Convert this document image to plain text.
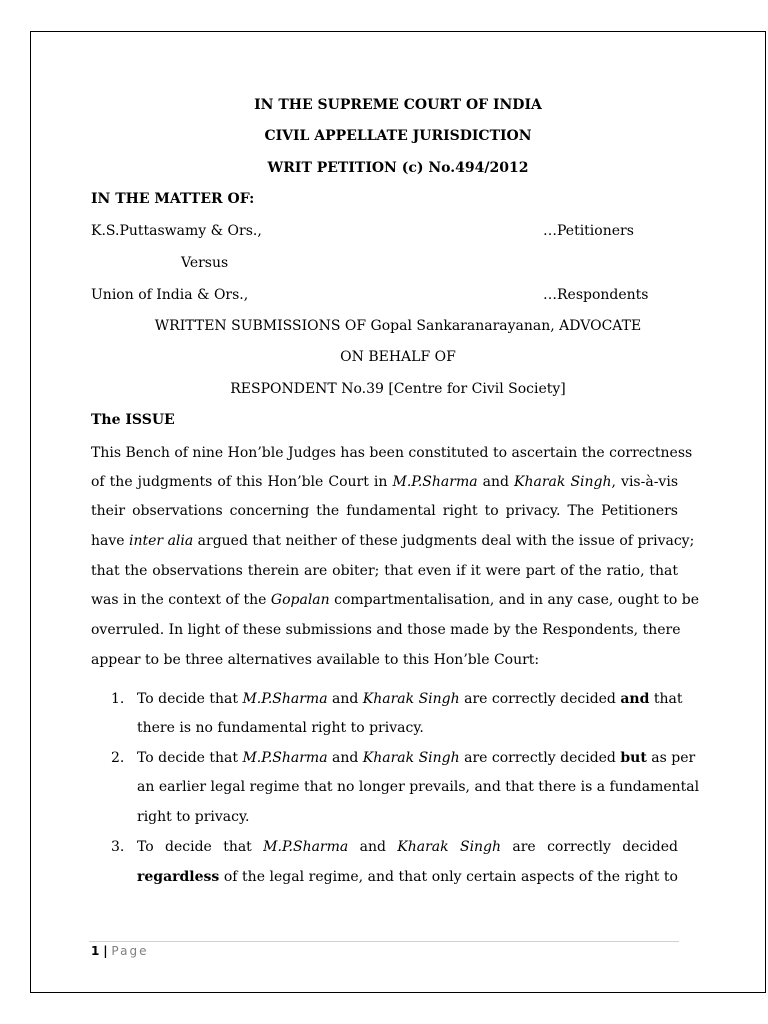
IN THE SUPREME COURT OF INDIA
CIVIL APPELLATE JURISDICTION
WRIT PETITION (c) No.494/2012
IN THE MATTER OF:
K.S.Puttaswamy & Ors.,	…Petitioners
Versus
Union of India & Ors.,	…Respondents
WRITTEN SUBMISSIONS OF Gopal Sankaranarayanan, ADVOCATE
ON BEHALF OF
RESPONDENT No.39 [Centre for Civil Society]
The ISSUE
This Bench of nine Hon’ble Judges has been constituted to ascertain the correctness
of the judgments of this Hon’ble Court in M.P.Sharma and Kharak Singh, vis-à-vis
their observations concerning the fundamental right to privacy. The Petitioners
have inter alia argued that neither of these judgments deal with the issue of privacy;
that the observations therein are obiter; that even if it were part of the ratio, that
was in the context of the Gopalan compartmentalisation, and in any case, ought to be
overruled. In light of these submissions and those made by the Respondents, there
appear to be three alternatives available to this Hon’ble Court:
1. To decide that M.P.Sharma and Kharak Singh are correctly decided and that
there is no fundamental right to privacy.
2. To decide that M.P.Sharma and Kharak Singh are correctly decided but as per
an earlier legal regime that no longer prevails, and that there is a fundamental
right to privacy.
3. To decide that M.P.Sharma and Kharak Singh are correctly decided
regardless of the legal regime, and that only certain aspects of the right to
1 | Page
